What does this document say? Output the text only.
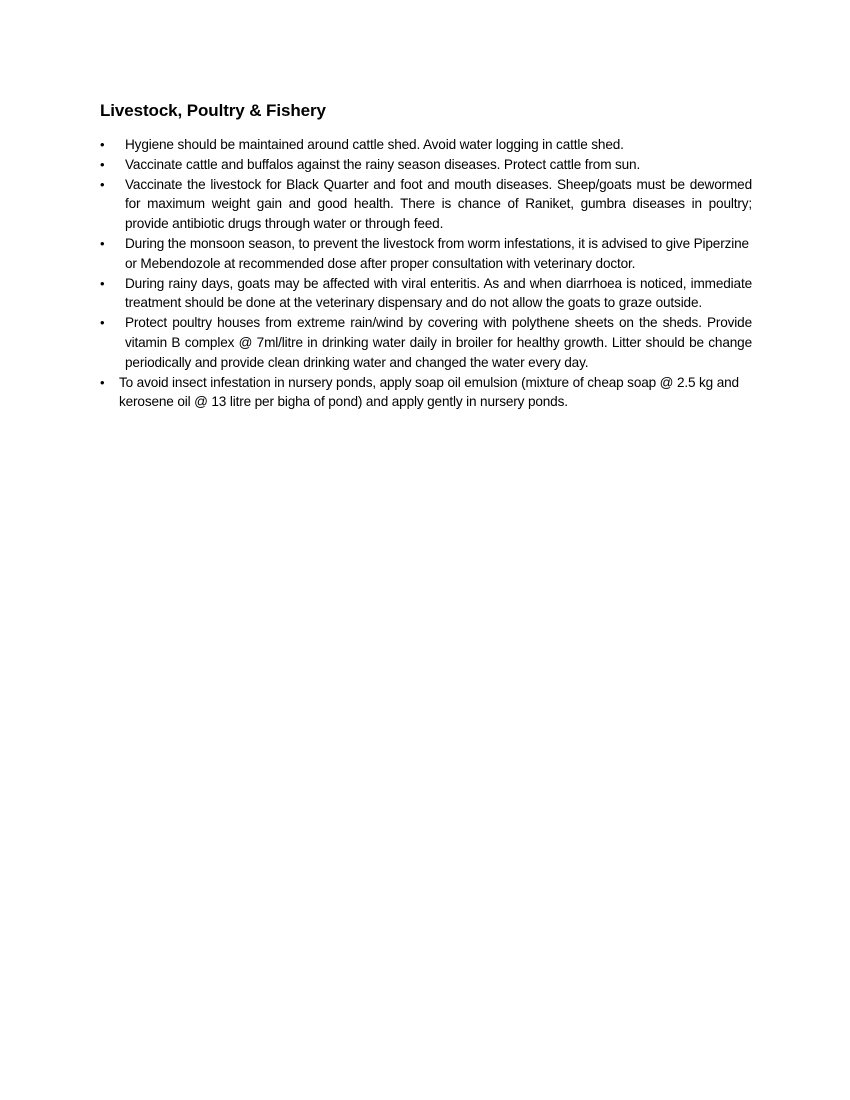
Livestock, Poultry & Fishery
•	Hygiene should be maintained around cattle shed. Avoid water logging in cattle shed.
•	Vaccinate cattle and buffalos against the rainy season diseases. Protect cattle from sun.
•	Vaccinate the livestock for Black Quarter and foot and mouth diseases. Sheep/goats must be dewormed for maximum weight gain and good health. There is chance of Raniket, gumbra diseases in poultry; provide antibiotic drugs through water or through feed.
•	During the monsoon season, to prevent the livestock from worm infestations, it is advised to give Piperzine or Mebendozole at recommended dose after proper consultation with veterinary doctor.
•	During rainy days, goats may be affected with viral enteritis. As and when diarrhoea is noticed, immediate treatment should be done at the veterinary dispensary and do not allow the goats to graze outside.
•	Protect poultry houses from extreme rain/wind by covering with polythene sheets on the sheds. Provide vitamin B complex @ 7ml/litre in drinking water daily in broiler for healthy growth. Litter should be change periodically and provide clean drinking water and changed the water every day.
•	To avoid insect infestation in nursery ponds, apply soap oil emulsion (mixture of cheap soap @ 2.5 kg and kerosene oil @ 13 litre per bigha of pond) and apply gently in nursery ponds.
